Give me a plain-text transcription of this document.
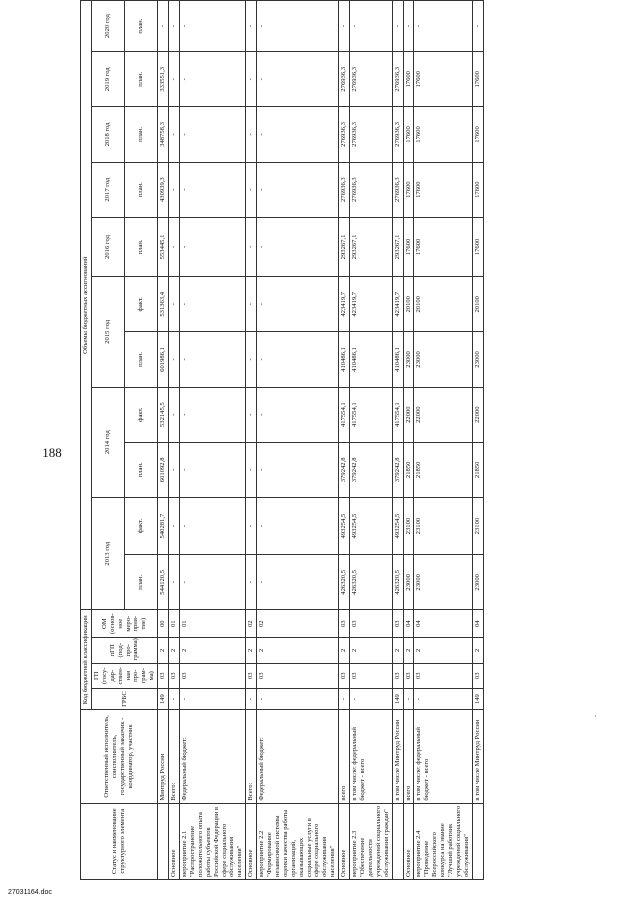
188
Статус и наименование структурного элемента	Ответственный исполнитель, соисполнитель, государственный заказчик - координатор, участник	Код бюджетной классификации				Объемы бюджетных ассигнований										
		ГРБС	ГП (госу-дар-ствен-ная про-грам-ма)	пГП (под-про-грамма)	ОМ (основ-ное меро-прия-тие)	2013 год		2014 год		2015 год		2016 год	2017 год	2018 год	2019 год	2020 год
						план.	факт.	план.	факт.	план.	факт.	план.	план.	план.	план.	план.
	Минтруд России	149	03	2	00	544120,5	540281,7	601092,8	532145,5	601986,1	531363,4	553445,1	430939,3	348758,3	333551,3	-
Основное	Всего:	-	03	2	01	-	-	-	-	-	-	-	-	-	-	-
мероприятие 2.1 "Распространение положительного опыта работы субъектов Российской Федерации в сфере социального обслуживания населения"	Федеральный бюджет:	-	03	2	01	-	-	-	-	-	-	-	-	-	-	-
Основное	Всего:	-	03	2	02	-	-	-	-	-	-	-	-	-	-	-
мероприятие 2.2 "Формирование независимой системы оценки качества работы организаций, оказывающих социальные услуги в сфере социального обслуживания населения"	Федеральный бюджет:	-	03	2	02	-	-	-	-	-	-	-	-	-	-	-
Основное	всего	-	03	2	03	426320,5	493254,5	379242,8	417554,1	410486,1	423419,7	293267,1	276936,3	276936,3	276936,3	-
мероприятие 2.3 "Обеспечение деятельности учреждений социального обслуживания граждан"	в том числе: федеральный бюджет - всего	-	03	2	03	426320,5	493254,5	379242,8	417554,1	410486,1	423419,7	293267,1	276936,3	276936,3	276936,3	-
	в том числе Минтруд России	149	03	2	03	426320,5	493254,5	379242,8	417554,1	410486,1	423419,7	293267,1	276936,3	276936,3	276936,3	-
Основное	всего	-	03	2	04	23000	23100	21850	22000	23000	20100	17600	17600	17600	17600	-
мероприятие 2.4 "Проведение Всероссийского конкурса на звание "Лучший работник учреждений социального обслуживания"	в том числе: федеральный бюджет - всего	-	03	2	04	23000	23100	21850	22000	23000	20100	17600	17600	17600	17600	-
	в том числе Минтруд России	149	03	2	04	23000	23100	21850	22000	23000	20100	17600	17600	17600	17600	-
,
27031164.doc
